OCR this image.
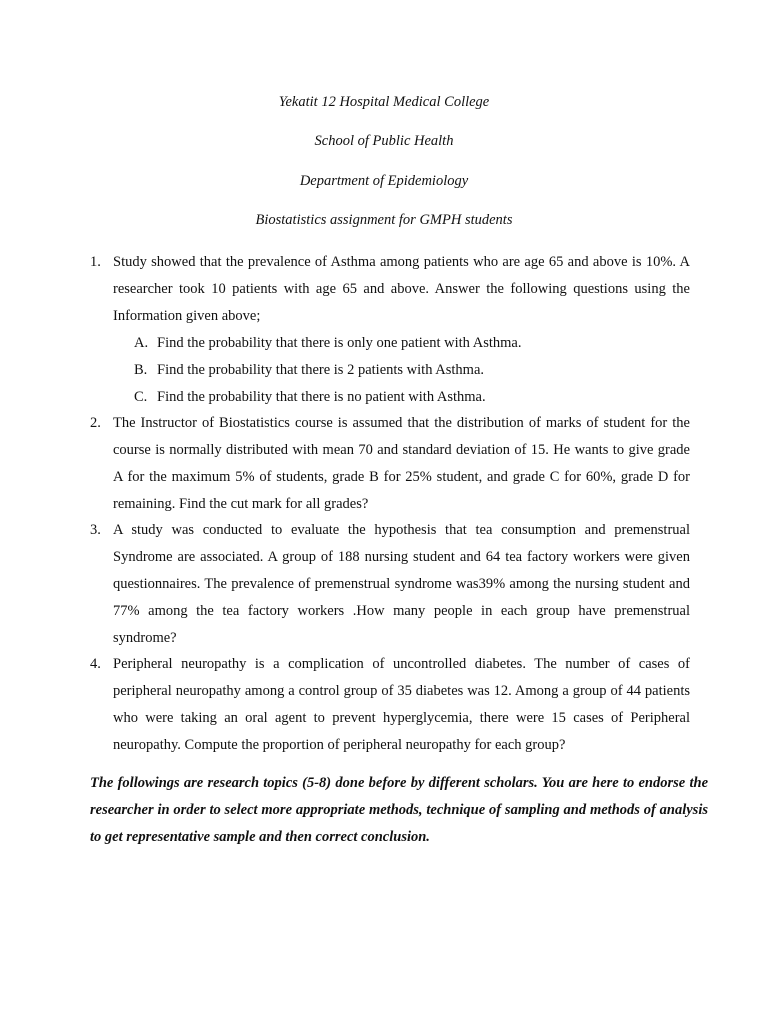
Yekatit 12 Hospital Medical College
School of Public Health
Department of Epidemiology
Biostatistics assignment for GMPH students
1. Study showed that the prevalence of Asthma among patients who are age 65 and above is 10%. A researcher took 10 patients with age 65 and above. Answer the following questions using the Information given above;
A. Find the probability that there is only one patient with Asthma.
B. Find the probability that there is 2 patients with Asthma.
C. Find the probability that there is no patient with Asthma.
2. The Instructor of Biostatistics course is assumed that the distribution of marks of student for the course is normally distributed with mean 70 and standard deviation of 15. He wants to give grade A for the maximum 5% of students, grade B for 25% student, and grade C for 60%, grade D for remaining. Find the cut mark for all grades?
3. A study was conducted to evaluate the hypothesis that tea consumption and premenstrual Syndrome are associated. A group of 188 nursing student and 64 tea factory workers were given questionnaires. The prevalence of premenstrual syndrome was39% among the nursing student and 77% among the tea factory workers .How many people in each group have premenstrual syndrome?
4. Peripheral neuropathy is a complication of uncontrolled diabetes. The number of cases of peripheral neuropathy among a control group of 35 diabetes was 12. Among a group of 44 patients who were taking an oral agent to prevent hyperglycemia, there were 15 cases of Peripheral neuropathy. Compute the proportion of peripheral neuropathy for each group?
The followings are research topics (5-8) done before by different scholars. You are here to endorse the researcher in order to select more appropriate methods, technique of sampling and methods of analysis to get representative sample and then correct conclusion.
